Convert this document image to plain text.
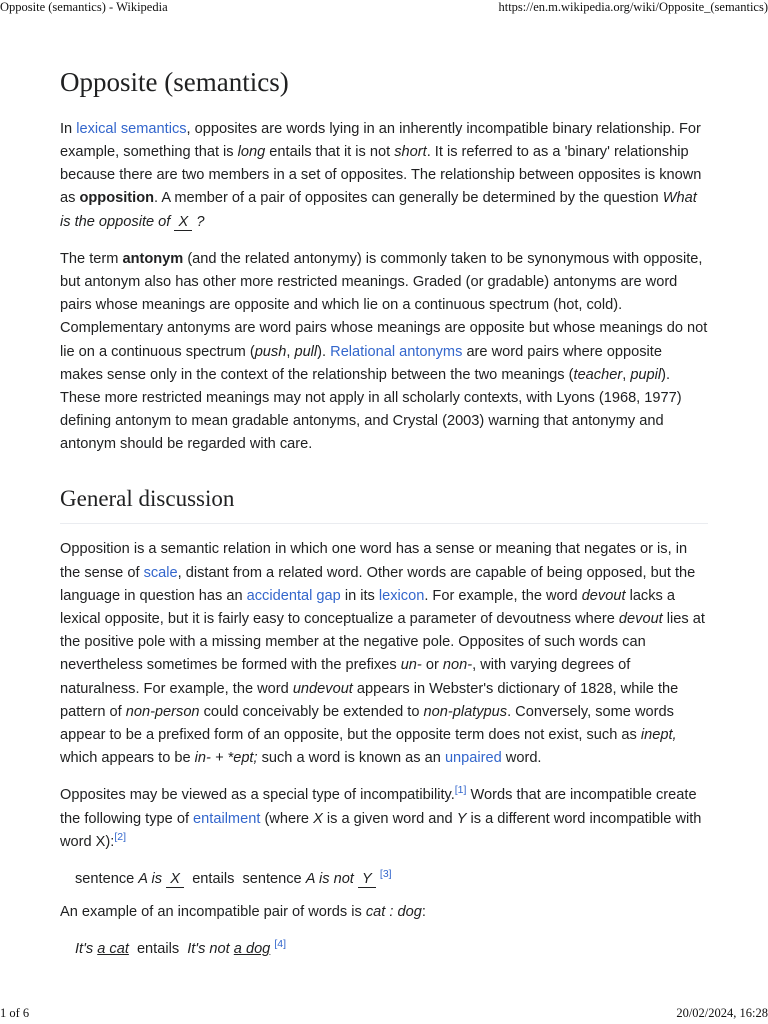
Opposite (semantics) - Wikipedia	https://en.m.wikipedia.org/wiki/Opposite_(semantics)
Opposite (semantics)

In lexical semantics, opposites are words lying in an inherently incompatible binary relationship. For example, something that is long entails that it is not short. It is referred to as a 'binary' relationship because there are two members in a set of opposites. The relationship between opposites is known as opposition. A member of a pair of opposites can generally be determined by the question What is the opposite of X ?

The term antonym (and the related antonymy) is commonly taken to be synonymous with opposite, but antonym also has other more restricted meanings. Graded (or gradable) antonyms are word pairs whose meanings are opposite and which lie on a continuous spectrum (hot, cold). Complementary antonyms are word pairs whose meanings are opposite but whose meanings do not lie on a continuous spectrum (push, pull). Relational antonyms are word pairs where opposite makes sense only in the context of the relationship between the two meanings (teacher, pupil). These more restricted meanings may not apply in all scholarly contexts, with Lyons (1968, 1977) defining antonym to mean gradable antonyms, and Crystal (2003) warning that antonymy and antonym should be regarded with care.

General discussion

Opposition is a semantic relation in which one word has a sense or meaning that negates or is, in the sense of scale, distant from a related word. Other words are capable of being opposed, but the language in question has an accidental gap in its lexicon. For example, the word devout lacks a lexical opposite, but it is fairly easy to conceptualize a parameter of devoutness where devout lies at the positive pole with a missing member at the negative pole. Opposites of such words can nevertheless sometimes be formed with the prefixes un- or non-, with varying degrees of naturalness. For example, the word undevout appears in Webster's dictionary of 1828, while the pattern of non-person could conceivably be extended to non-platypus. Conversely, some words appear to be a prefixed form of an opposite, but the opposite term does not exist, such as inept, which appears to be in- + *ept; such a word is known as an unpaired word.

Opposites may be viewed as a special type of incompatibility.[1] Words that are incompatible create the following type of entailment (where X is a given word and Y is a different word incompatible with word X):[2]

sentence A is X entails sentence A is not Y [3]

An example of an incompatible pair of words is cat : dog:

It's a cat entails It's not a dog [4]
1 of 6	20/02/2024, 16:28
